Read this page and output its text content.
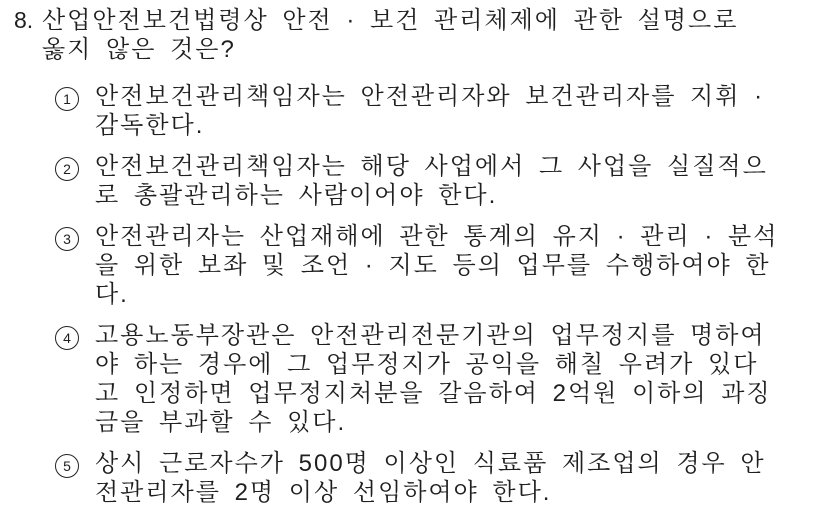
8. 산업안전보건법령상 안전 · 보건 관리체제에 관한 설명으로
옳지 않은 것은?
1	안전보건관리책임자는 안전관리자와 보건관리자를 지휘 ·
감독한다.
2	안전보건관리책임자는 해당 사업에서 그 사업을 실질적으
로 총괄관리하는 사람이어야 한다.
3	안전관리자는 산업재해에 관한 통계의 유지 · 관리 · 분석
을 위한 보좌 및 조언 · 지도 등의 업무를 수행하여야 한
다.
4	고용노동부장관은 안전관리전문기관의 업무정지를 명하여
야 하는 경우에 그 업무정지가 공익을 해칠 우려가 있다
고 인정하면 업무정지처분을 갈음하여 2억원 이하의 과징
금을 부과할 수 있다.
5	상시 근로자수가 500명 이상인 식료품 제조업의 경우 안
전관리자를 2명 이상 선임하여야 한다.
